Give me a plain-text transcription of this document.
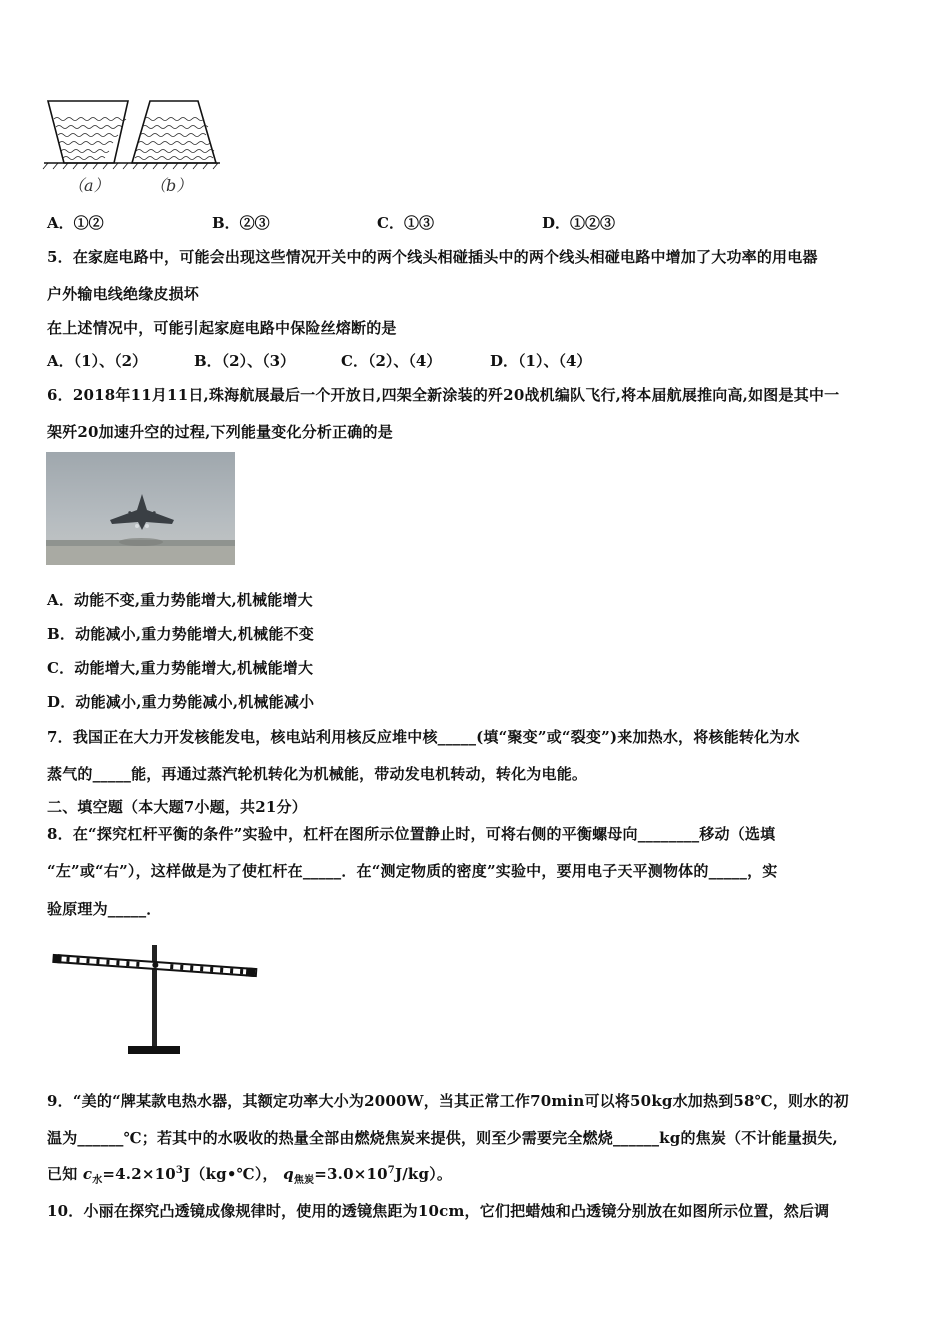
（a）	（b）
A．①②	B．②③	C．①③	D．①②③
5．在家庭电路中，可能会出现这些情况开关中的两个线头相碰插头中的两个线头相碰电路中增加了大功率的用电器
户外输电线绝缘皮损坏
在上述情况中，可能引起家庭电路中保险丝熔断的是
A．（1）、（2）	B．（2）、（3）	C．（2）、（4）	D．（1）、（4）
6．2018年11月11日,珠海航展最后一个开放日,四架全新涂装的歼20战机编队飞行,将本届航展推向高,如图是其中一
架歼20加速升空的过程,下列能量变化分析正确的是
A．动能不变,重力势能增大,机械能增大
B．动能减小,重力势能增大,机械能不变
C．动能增大,重力势能增大,机械能增大
D．动能减小,重力势能减小,机械能减小
7．我国正在大力开发核能发电，核电站利用核反应堆中核_____(填“聚变”或“裂变”)来加热水，将核能转化为水
蒸气的_____能，再通过蒸汽轮机转化为机械能，带动发电机转动，转化为电能。
二、填空题（本大题7小题，共21分）
8．在“探究杠杆平衡的条件”实验中，杠杆在图所示位置静止时，可将右侧的平衡螺母向________移动（选填
“左”或“右”），这样做是为了使杠杆在_____．在“测定物质的密度”实验中，要用电子天平测物体的_____，实
验原理为_____．
9．“美的“牌某款电热水器，其额定功率大小为2000W，当其正常工作70min可以将50kg水加热到58℃，则水的初
温为______℃；若其中的水吸收的热量全部由燃烧焦炭来提供，则至少需要完全燃烧______kg的焦炭（不计能量损失,
已知 $c_水=4.2\times 10^3J(kg•℃)$， $q_{焦炭}=3.0\times 10^7J/kg$）。
10．小丽在探究凸透镜成像规律时，使用的透镜焦距为10cm，它们把蜡烛和凸透镜分别放在如图所示位置，然后调
